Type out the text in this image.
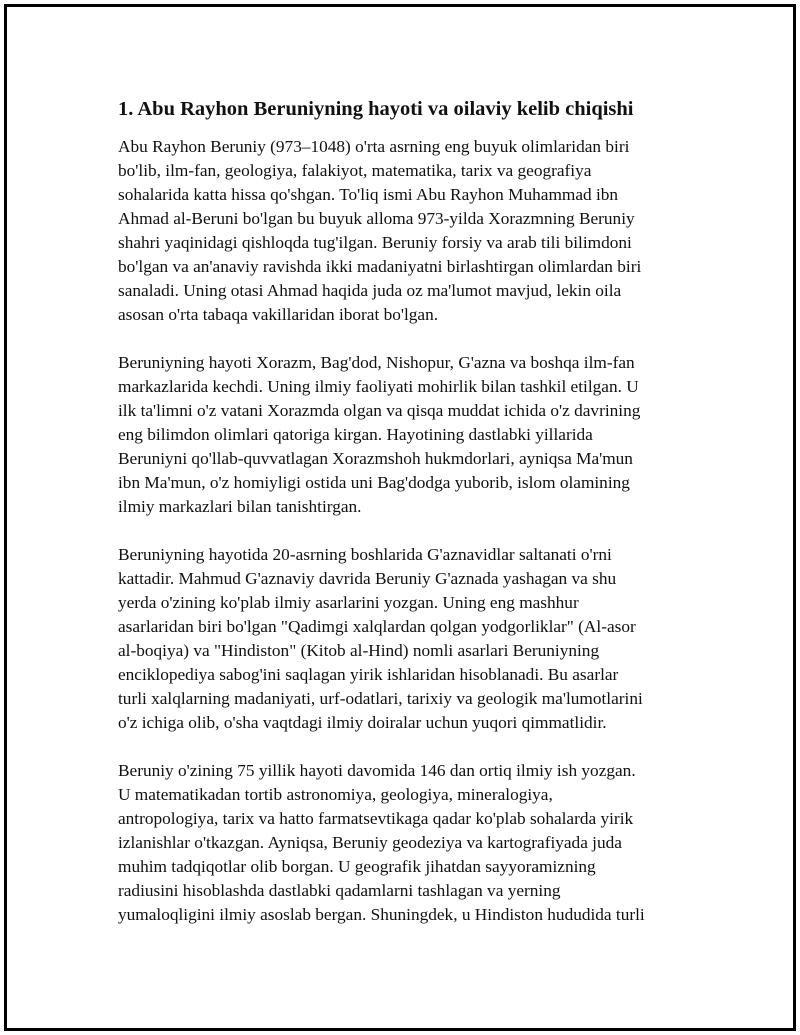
1. Abu Rayhon Beruniyning hayoti va oilaviy kelib chiqishi

Abu Rayhon Beruniy (973–1048) o'rta asrning eng buyuk olimlaridan biri
bo'lib, ilm-fan, geologiya, falakiyot, matematika, tarix va geografiya
sohalarida katta hissa qo'shgan. To'liq ismi Abu Rayhon Muhammad ibn
Ahmad al-Beruni bo'lgan bu buyuk alloma 973-yilda Xorazmning Beruniy
shahri yaqinidagi qishloqda tug'ilgan. Beruniy forsiy va arab tili bilimdoni
bo'lgan va an'anaviy ravishda ikki madaniyatni birlashtirgan olimlardan biri
sanaladi. Uning otasi Ahmad haqida juda oz ma'lumot mavjud, lekin oila
asosan o'rta tabaqa vakillaridan iborat bo'lgan.

Beruniyning hayoti Xorazm, Bag'dod, Nishopur, G'azna va boshqa ilm-fan
markazlarida kechdi. Uning ilmiy faoliyati mohirlik bilan tashkil etilgan. U
ilk ta'limni o'z vatani Xorazmda olgan va qisqa muddat ichida o'z davrining
eng bilimdon olimlari qatoriga kirgan. Hayotining dastlabki yillarida
Beruniyni qo'llab-quvvatlagan Xorazmshoh hukmdorlari, ayniqsa Ma'mun
ibn Ma'mun, o'z homiyligi ostida uni Bag'dodga yuborib, islom olamining
ilmiy markazlari bilan tanishtirgan.

Beruniyning hayotida 20-asrning boshlarida G'aznavidlar saltanati o'rni
kattadir. Mahmud G'aznaviy davrida Beruniy G'aznada yashagan va shu
yerda o'zining ko'plab ilmiy asarlarini yozgan. Uning eng mashhur
asarlaridan biri bo'lgan "Qadimgi xalqlardan qolgan yodgorliklar" (Al-asor
al-boqiya) va "Hindiston" (Kitob al-Hind) nomli asarlari Beruniyning
enciklopediya sabog'ini saqlagan yirik ishlaridan hisoblanadi. Bu asarlar
turli xalqlarning madaniyati, urf-odatlari, tarixiy va geologik ma'lumotlarini
o'z ichiga olib, o'sha vaqtdagi ilmiy doiralar uchun yuqori qimmatlidir.

Beruniy o'zining 75 yillik hayoti davomida 146 dan ortiq ilmiy ish yozgan.
U matematikadan tortib astronomiya, geologiya, mineralogiya,
antropologiya, tarix va hatto farmatsevtikaga qadar ko'plab sohalarda yirik
izlanishlar o'tkazgan. Ayniqsa, Beruniy geodeziya va kartografiyada juda
muhim tadqiqotlar olib borgan. U geografik jihatdan sayyoramizning
radiusini hisoblashda dastlabki qadamlarni tashlagan va yerning
yumaloqligini ilmiy asoslab bergan. Shuningdek, u Hindiston hududida turli
